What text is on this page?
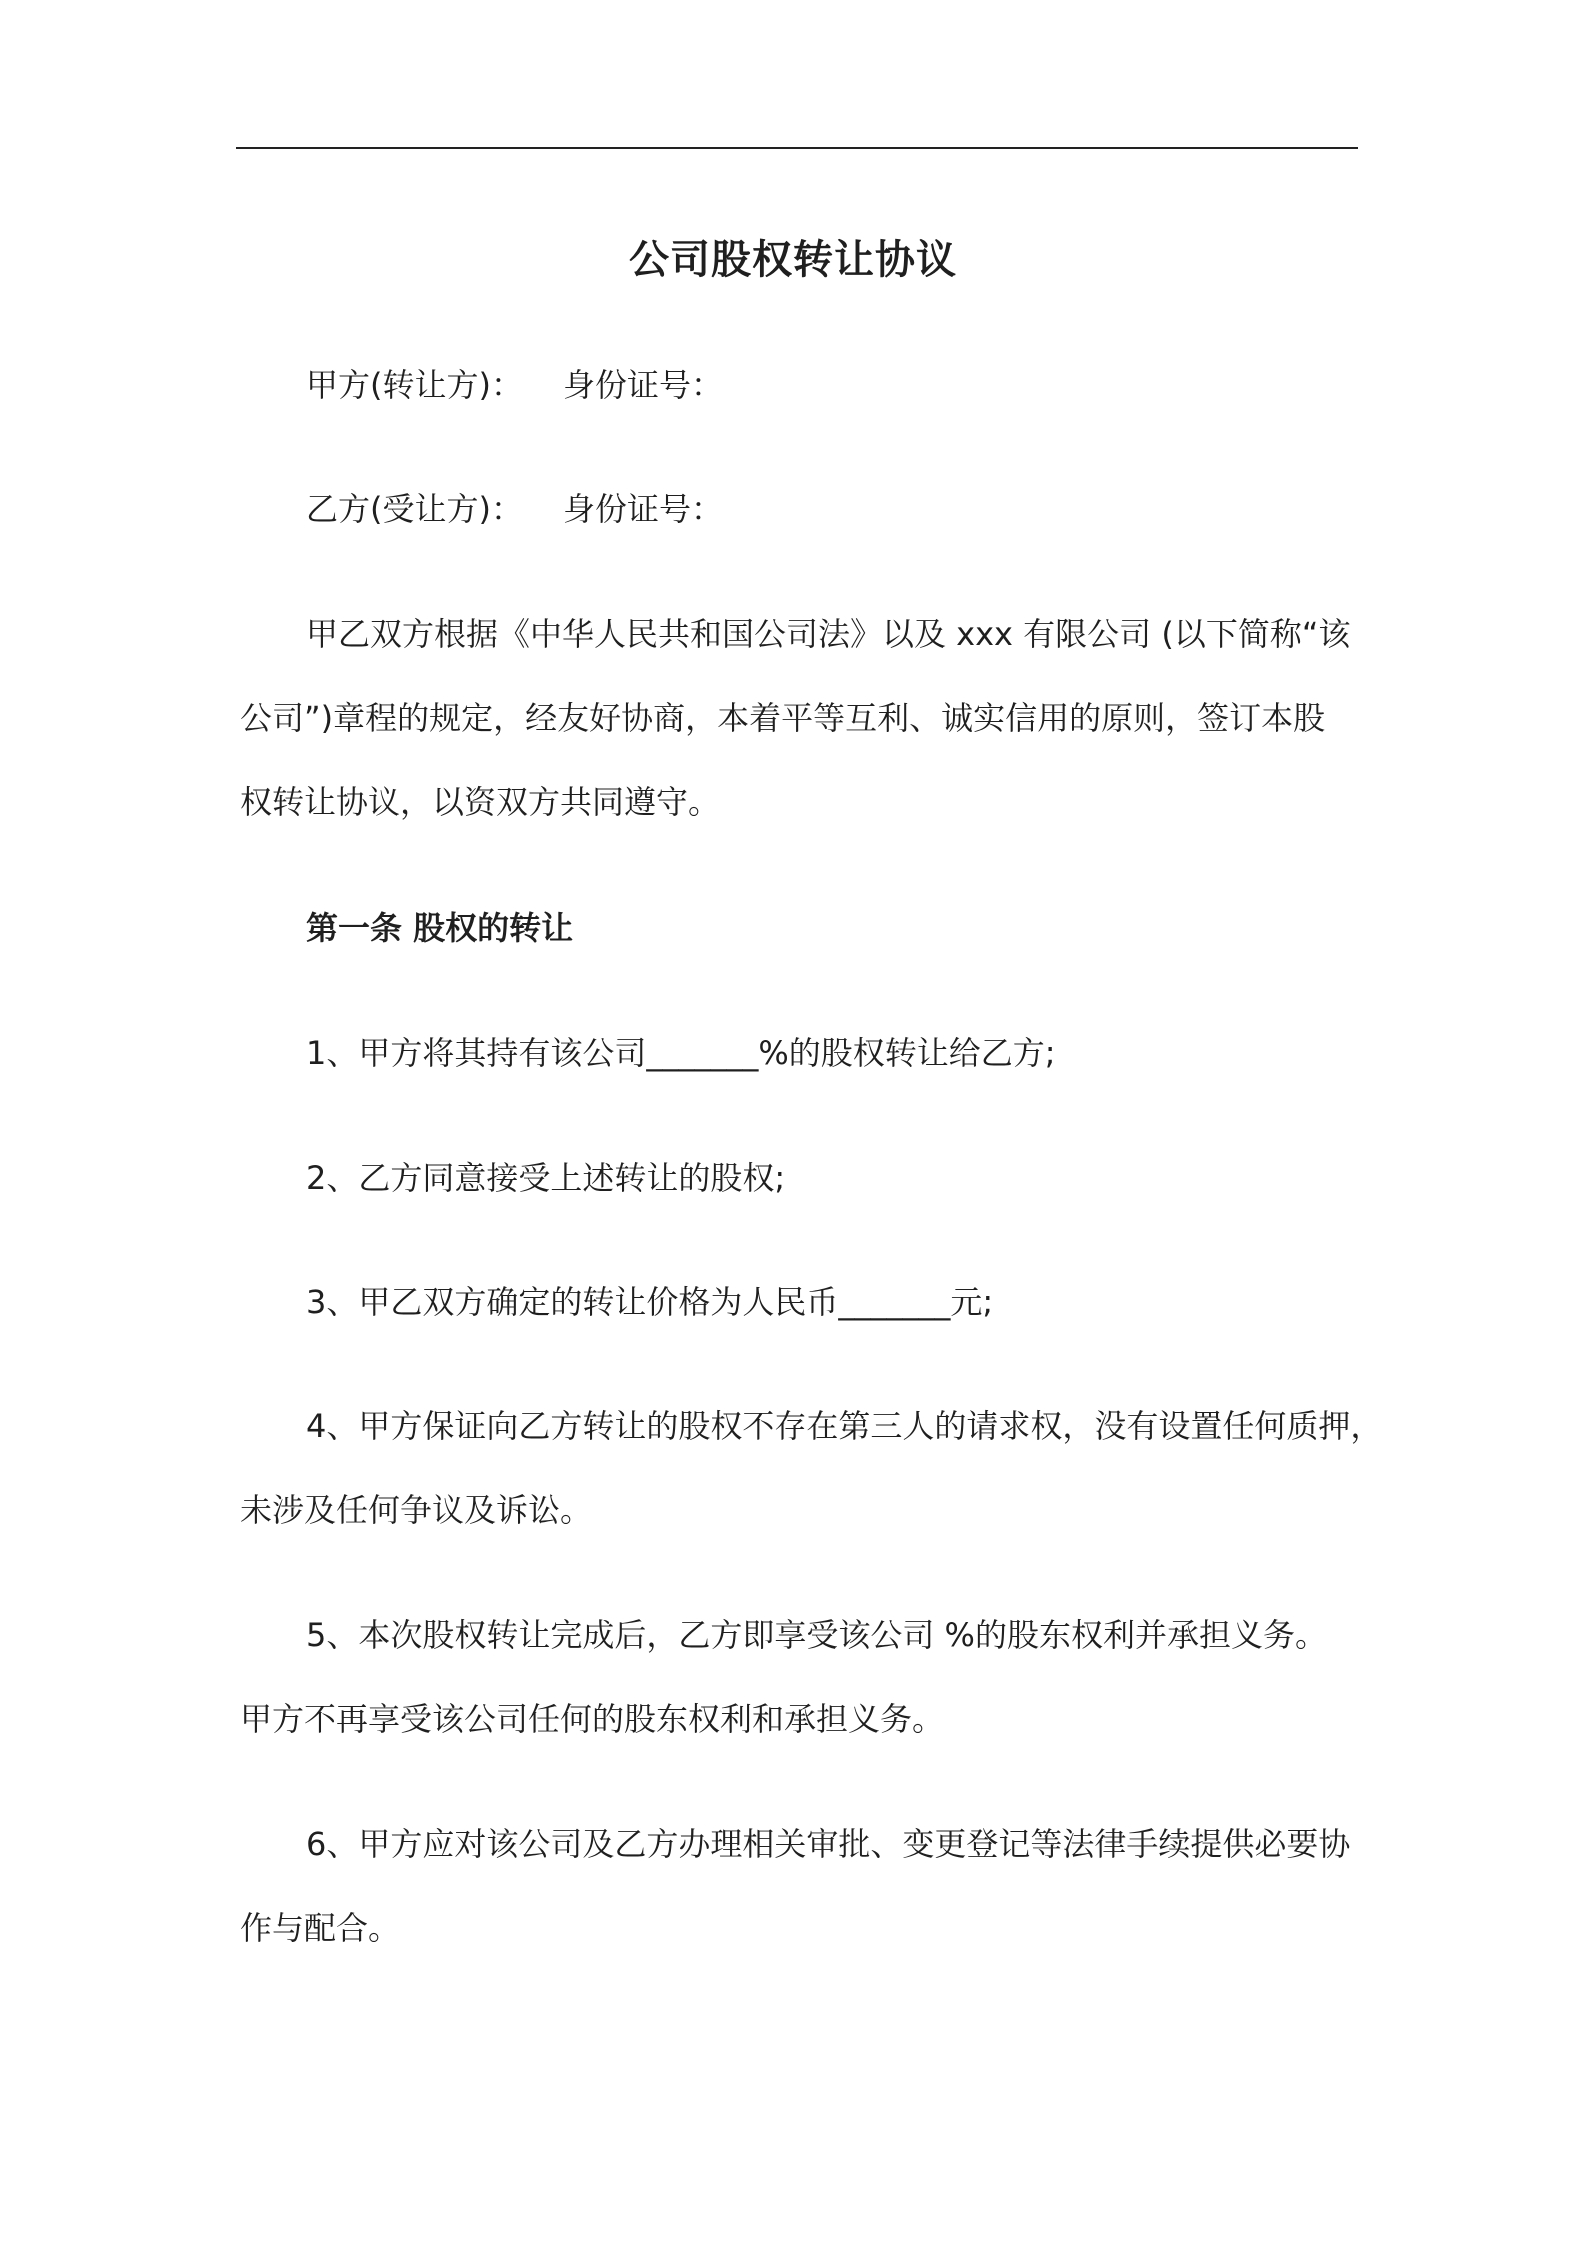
公司股权转让协议
甲方(转让方)： 身份证号：
乙方(受让方)： 身份证号：
甲乙双方根据《中华人民共和国公司法》以及 xxx 有限公司 (以下简称“该
公司”)章程的规定，经友好协商，本着平等互利、诚实信用的原则，签订本股
权转让协议，以资双方共同遵守。
第一条 股权的转让
1、甲方将其持有该公司_______%的股权转让给乙方;
2、乙方同意接受上述转让的股权;
3、甲乙双方确定的转让价格为人民币_______元;
4、甲方保证向乙方转让的股权不存在第三人的请求权，没有设置任何质押，
未涉及任何争议及诉讼。
5、本次股权转让完成后，乙方即享受该公司 %的股东权利并承担义务。
甲方不再享受该公司任何的股东权利和承担义务。
6、甲方应对该公司及乙方办理相关审批、变更登记等法律手续提供必要协
作与配合。
